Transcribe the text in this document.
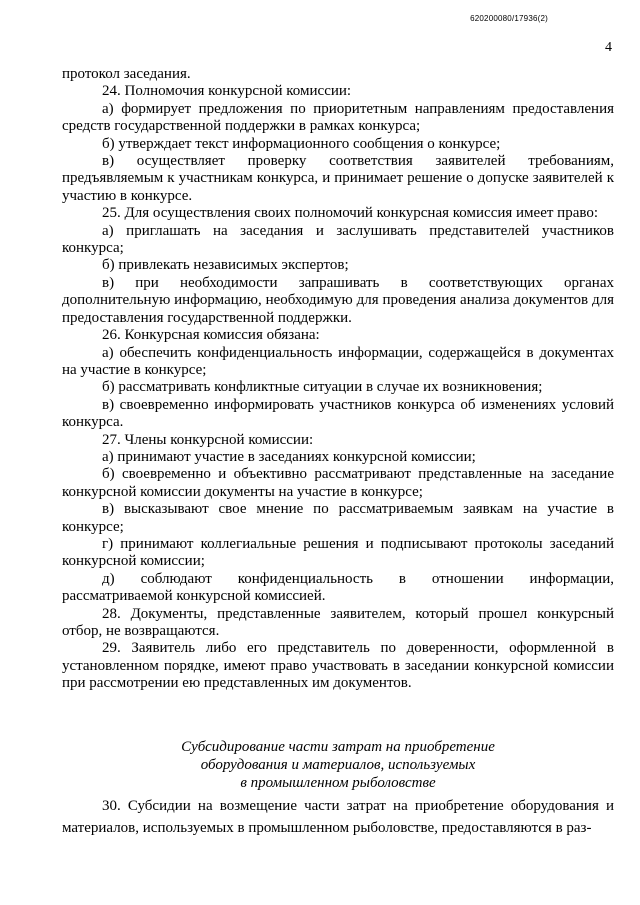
620200080/17936(2)
4

протокол заседания.

24. Полномочия конкурсной комиссии:

а) формирует предложения по приоритетным направлениям предоставления средств государственной поддержки в рамках конкурса;

б) утверждает текст информационного сообщения о конкурсе;

в) осуществляет проверку соответствия заявителей требованиям, предъявляемым к участникам конкурса, и принимает решение о допуске заявителей к участию в конкурсе.

25. Для осуществления своих полномочий конкурсная комиссия имеет право:

а) приглашать на заседания и заслушивать представителей участников конкурса;

б) привлекать независимых экспертов;

в) при необходимости запрашивать в соответствующих органах дополнительную информацию, необходимую для проведения анализа документов для предоставления государственной поддержки.

26. Конкурсная комиссия обязана:

а) обеспечить конфиденциальность информации, содержащейся в документах на участие в конкурсе;

б) рассматривать конфликтные ситуации в случае их возникновения;

в) своевременно информировать участников конкурса об изменениях условий конкурса.

27. Члены конкурсной комиссии:

а) принимают участие в заседаниях конкурсной комиссии;

б) своевременно и объективно рассматривают представленные на заседание конкурсной комиссии документы на участие в конкурсе;

в) высказывают свое мнение по рассматриваемым заявкам на участие в конкурсе;

г) принимают коллегиальные решения и подписывают протоколы заседаний конкурсной комиссии;

д) соблюдают конфиденциальность в отношении информации, рассматриваемой конкурсной комиссией.

28. Документы, представленные заявителем, который прошел конкурсный отбор, не возвращаются.

29. Заявитель либо его представитель по доверенности, оформленной в установленном порядке, имеют право участвовать в заседании конкурсной комиссии при рассмотрении ею представленных им документов.

Субсидирование части затрат на приобретение
оборудования и материалов, используемых
в промышленном рыболовстве

30. Субсидии на возмещение части затрат на приобретение оборудования и материалов, используемых в промышленном рыболовстве, предоставляются в раз-
